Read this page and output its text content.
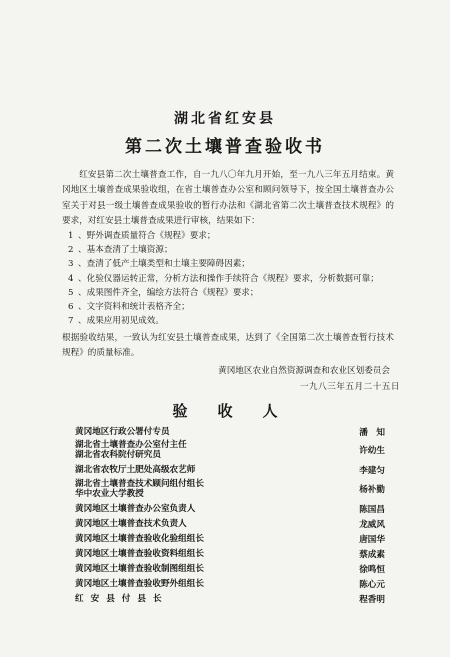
湖北省红安县
第二次土壤普查验收书
红安县第二次土壤普查工作，自一九八〇年九月开始，至一九八三年五月结束。黄冈地区土壤普查成果验收组，在省土壤普查办公室和顾问领导下，按全国土壤普查办公室关于对县一级土壤普查成果验收的暂行办法和《湖北省第二次土壤普查技术规程》的要求，对红安县土壤普查成果进行审核，结果如下：
1 、野外调查质量符合《规程》要求；
2 、基本查清了土壤资源；
3 、查清了低产土壤类型和土壤主要障碍因素；
4 、化验仪器运转正常，分析方法和操作手续符合《规程》要求，分析数据可靠；
5 、成果图件齐全，编绘方法符合《规程》要求；
6 、文字资料和统计表格齐全；
7 、成果应用初见成效。
根据验收结果，一致认为红安县土壤普查成果，达到了《全国第二次土壤普查暂行技术规程》的质量标准。
黄冈地区农业自然资源调查和农业区划委员会
一九八三年五月二十五日
验 收 人
黄冈地区行政公署付专员	潘　知
湖北省土壤普查办公室付主任
湖北省农科院付研究员	许幼生
湖北省农牧厅土肥处高级农艺师	李建匀
湖北省土壤普查技术顾问组付组长
华中农业大学教授	杨补勤
黄冈地区土壤普查办公室负责人	陈国昌
黄冈地区土壤普查技术负责人	龙威风
黄冈地区土壤普查验收化验组组长	唐国华
黄冈地区土壤普查验收资料组组长	蔡成素
黄冈地区土壤普查验收制图组组长	徐鸣恒
黄冈地区土壤普查验收野外组组长	陈心元
红安县付县长	程香明
